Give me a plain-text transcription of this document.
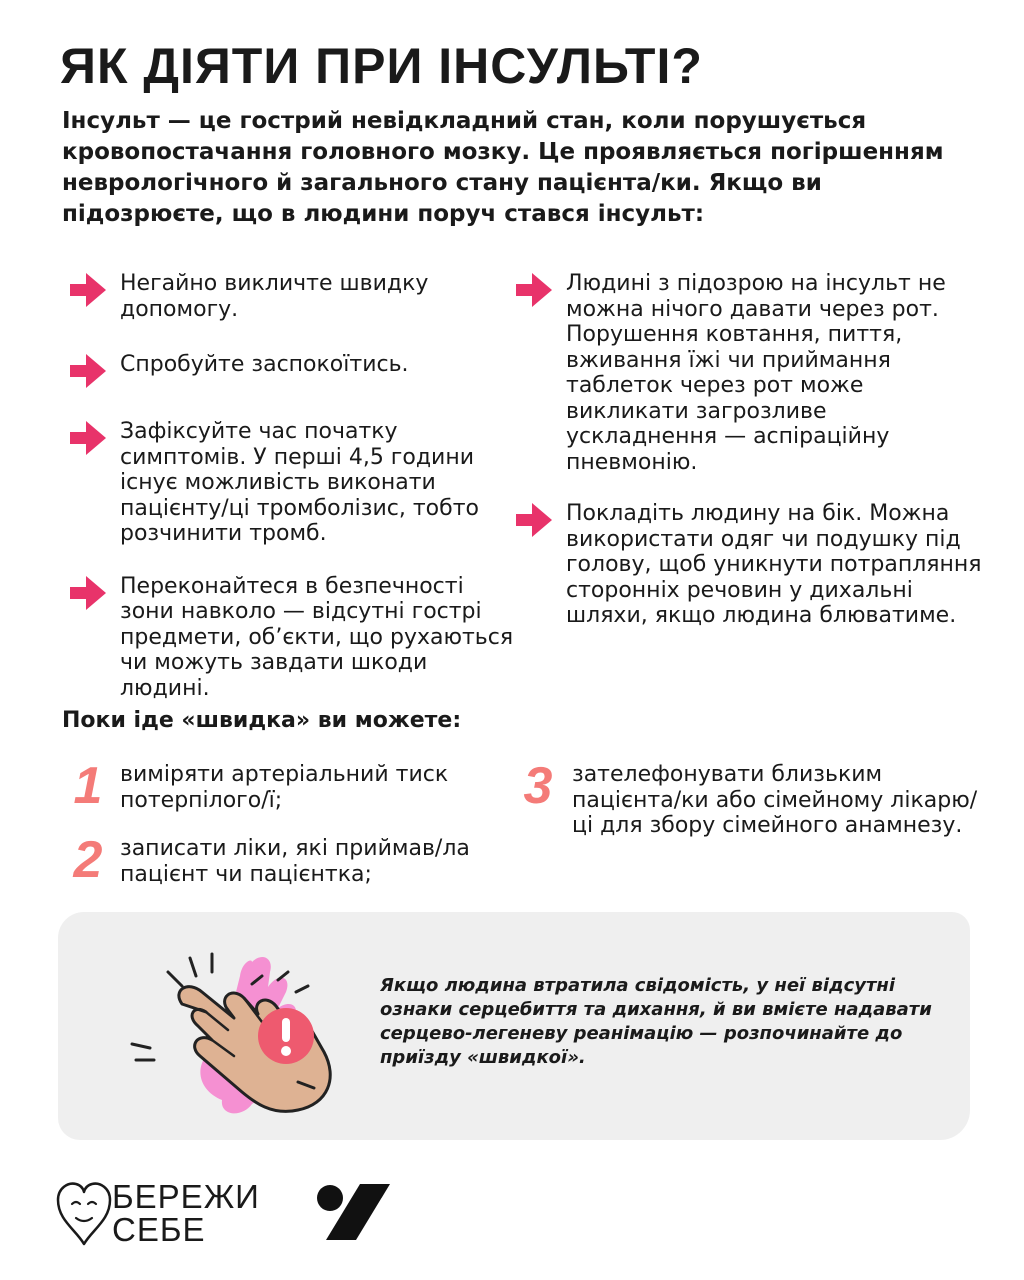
ЯК ДІЯТИ ПРИ ІНСУЛЬТІ?

Інсульт — це гострий невідкладний стан, коли порушується кровопостачання головного мозку. Це проявляється погіршенням неврологічного й загального стану пацієнта/ки. Якщо ви підозрюєте, що в людини поруч стався інсульт:

Негайно викличте швидку допомогу.
Спробуйте заспокоїтись.
Зафіксуйте час початку симптомів. У перші 4,5 години існує можливість виконати пацієнту/ці тромболізис, тобто розчинити тромб.
Переконайтеся в безпечності зони навколо — відсутні гострі предмети, об’єкти, що рухаються чи можуть завдати шкоди людині.
Людині з підозрою на інсульт не можна нічого давати через рот. Порушення ковтання, пиття, вживання їжі чи приймання таблеток через рот може викликати загрозливе ускладнення — аспіраційну пневмонію.
Покладіть людину на бік. Можна використати одяг чи подушку під голову, щоб уникнути потрапляння сторонніх речовин у дихальні шляхи, якщо людина блюватиме.
Поки іде «швидка» ви можете:
1 виміряти артеріальний тиск потерпілого/ї;
2 записати ліки, які приймав/ла пацієнт чи пацієнтка;
3 зателефонувати близьким пацієнта/ки або сімейному лікарю/ці для збору сімейного анамнезу.

Якщо людина втратила свідомість, у неї відсутні ознаки серцебиття та дихання, й ви вмієте надавати серцево-легеневу реанімацію — розпочинайте до приїзду «швидкої».

БЕРЕЖИ
СЕБЕ
